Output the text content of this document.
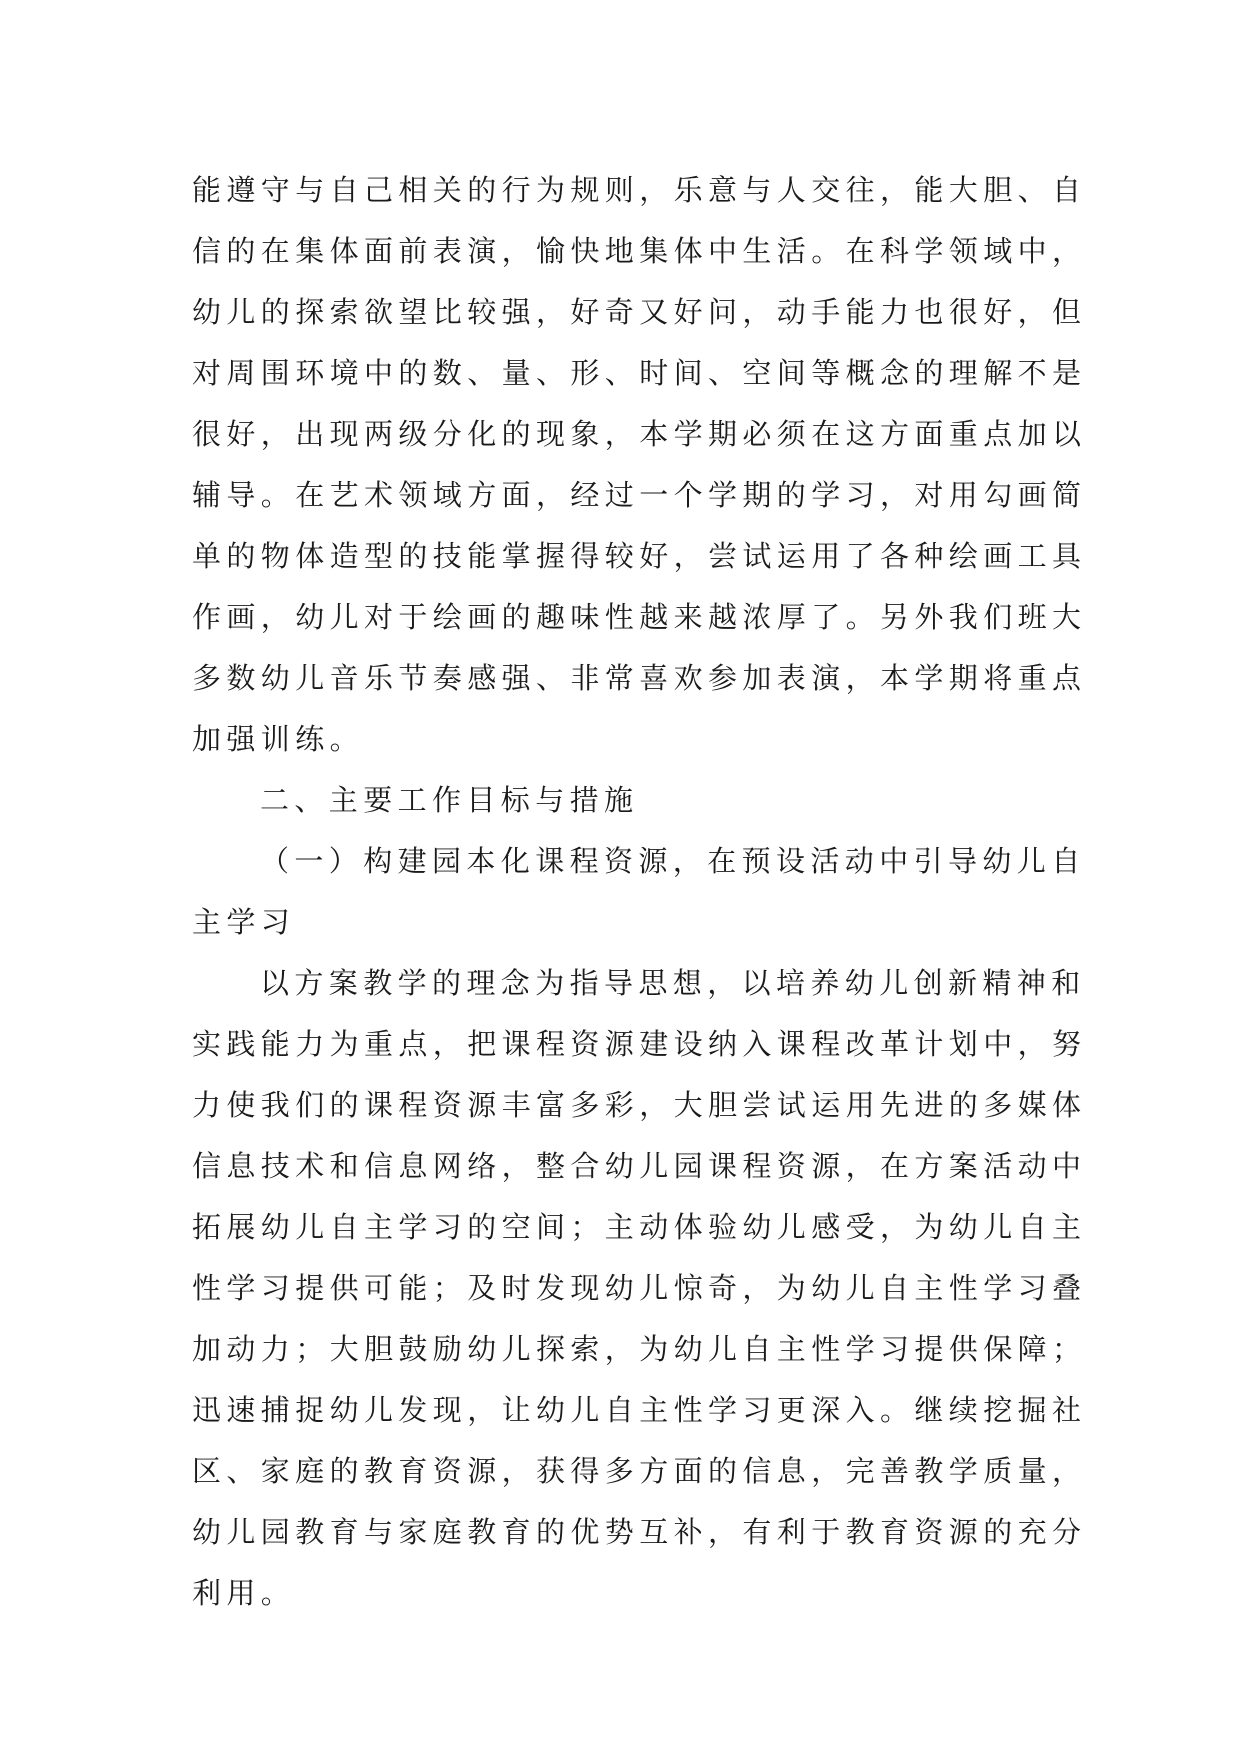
能遵守与自己相关的行为规则，乐意与人交往，能大胆、自
信的在集体面前表演，愉快地集体中生活。在科学领域中，
幼儿的探索欲望比较强，好奇又好问，动手能力也很好，但
对周围环境中的数、量、形、时间、空间等概念的理解不是
很好，出现两级分化的现象，本学期必须在这方面重点加以
辅导。在艺术领域方面，经过一个学期的学习，对用勾画简
单的物体造型的技能掌握得较好，尝试运用了各种绘画工具
作画，幼儿对于绘画的趣味性越来越浓厚了。另外我们班大
多数幼儿音乐节奏感强、非常喜欢参加表演，本学期将重点
加强训练。
二、主要工作目标与措施
（一）构建园本化课程资源，在预设活动中引导幼儿自
主学习
以方案教学的理念为指导思想，以培养幼儿创新精神和
实践能力为重点，把课程资源建设纳入课程改革计划中，努
力使我们的课程资源丰富多彩，大胆尝试运用先进的多媒体
信息技术和信息网络，整合幼儿园课程资源，在方案活动中
拓展幼儿自主学习的空间；主动体验幼儿感受，为幼儿自主
性学习提供可能；及时发现幼儿惊奇，为幼儿自主性学习叠
加动力；大胆鼓励幼儿探索，为幼儿自主性学习提供保障；
迅速捕捉幼儿发现，让幼儿自主性学习更深入。继续挖掘社
区、家庭的教育资源，获得多方面的信息，完善教学质量，
幼儿园教育与家庭教育的优势互补，有利于教育资源的充分
利用。
